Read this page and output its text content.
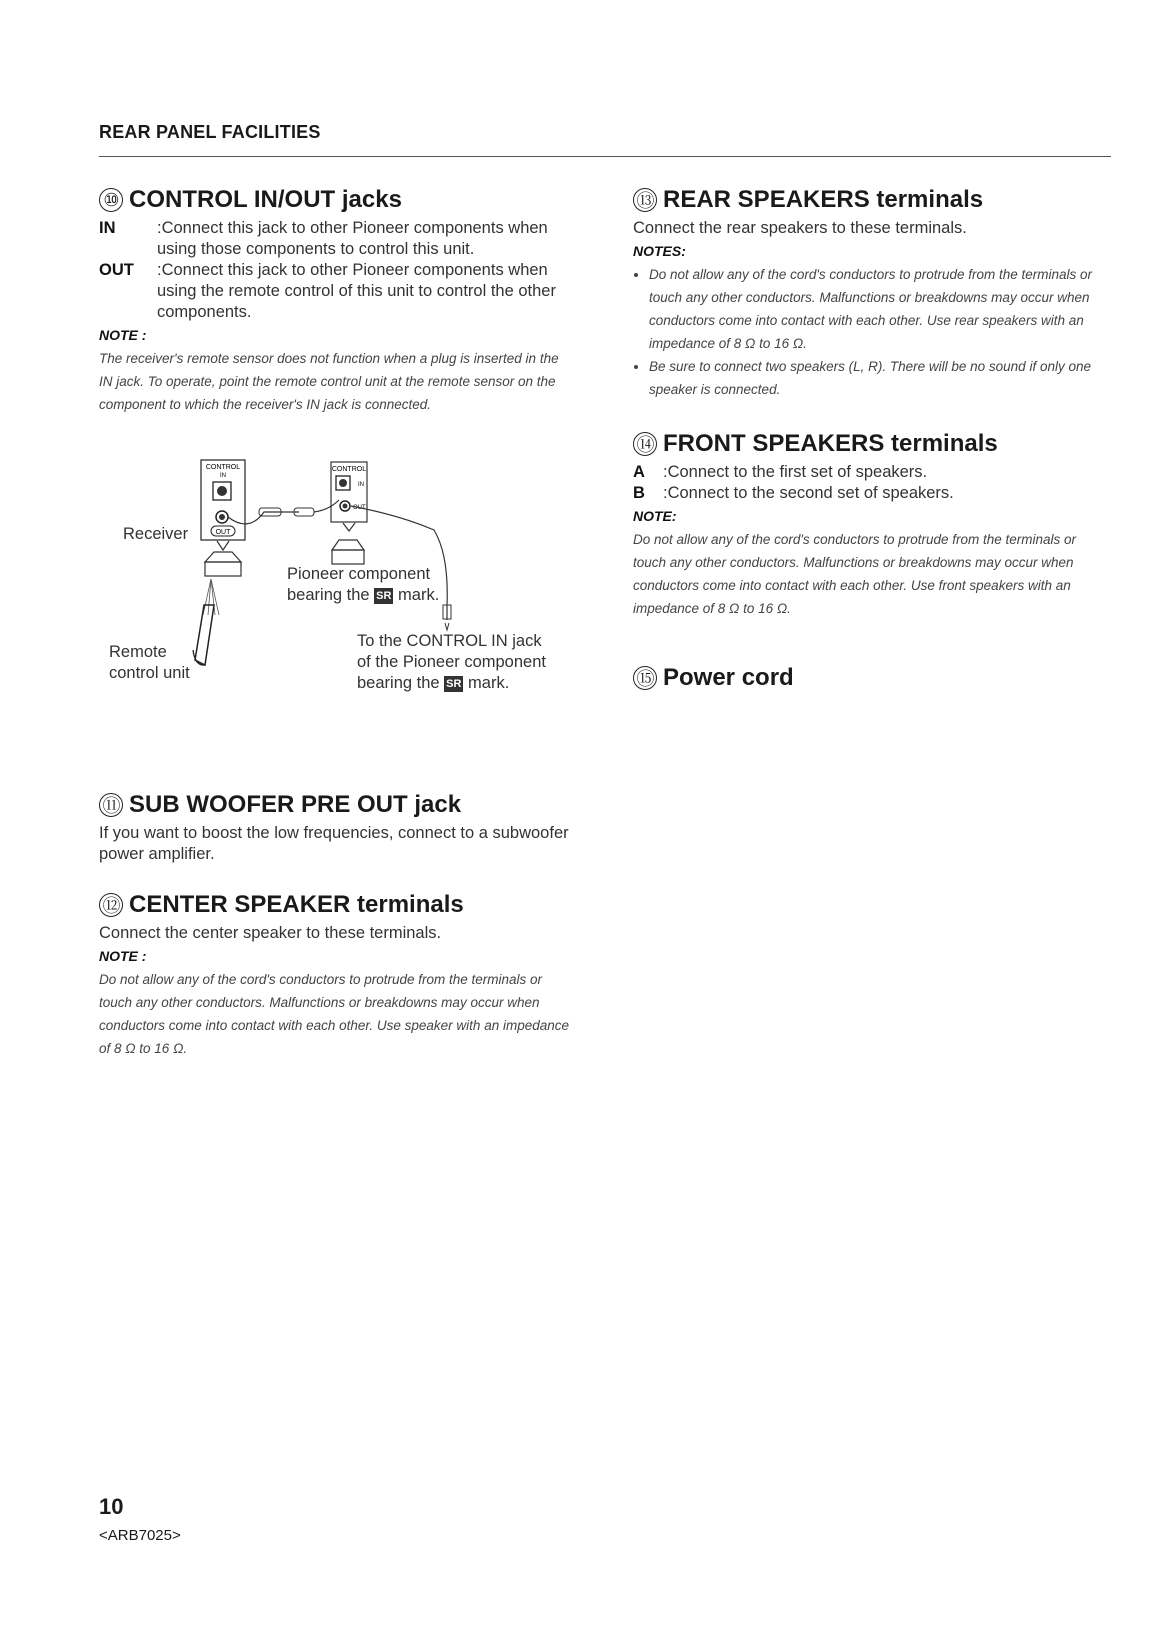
REAR PANEL FACILITIES
⑩ CONTROL IN/OUT jacks
IN	:Connect this jack to other Pioneer components when using those components to control this unit.
OUT	:Connect this jack to other Pioneer components when using the remote control of this unit to control the other components.
NOTE :
The receiver's remote sensor does not function when a plug is inserted in the IN jack. To operate, point the remote control unit at the remote sensor on the component to which the receiver's IN jack is connected.
CONTROL
IN
OUT
CONTROL
IN
OUT
Receiver
Pioneer component
bearing the SR mark.
Remote
control unit
To the CONTROL IN jack
of the Pioneer component
bearing the SR mark.
⑪ SUB WOOFER PRE OUT jack
If you want to boost the low frequencies, connect to a subwoofer power amplifier.
⑫ CENTER SPEAKER terminals
Connect the center speaker to these terminals.
NOTE :
Do not allow any of the cord's conductors to protrude from the terminals or touch any other conductors. Malfunctions or breakdowns may occur when conductors come into contact with each other. Use speaker with an impedance of 8 Ω to 16 Ω.
⑬ REAR SPEAKERS terminals
Connect the rear speakers to these terminals.
NOTES:
• Do not allow any of the cord's conductors to protrude from the terminals or touch any other conductors. Malfunctions or breakdowns may occur when conductors come into contact with each other. Use rear speakers with an impedance of 8 Ω to 16 Ω.
• Be sure to connect two speakers (L, R). There will be no sound if only one speaker is connected.
⑭ FRONT SPEAKERS terminals
A	:Connect to the first set of speakers.
B	:Connect to the second set of speakers.
NOTE:
Do not allow any of the cord's conductors to protrude from the terminals or touch any other conductors. Malfunctions or breakdowns may occur when conductors come into contact with each other. Use front speakers with an impedance of 8 Ω to 16 Ω.
⑮ Power cord
10
<ARB7025>
